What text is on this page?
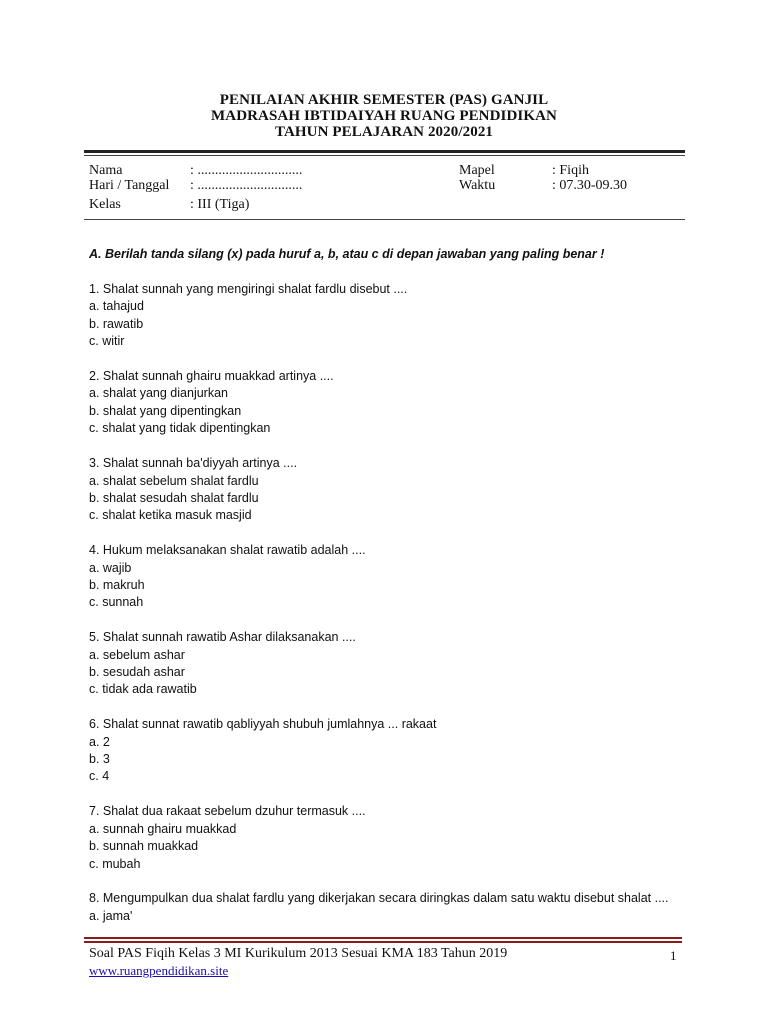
PENILAIAN AKHIR SEMESTER (PAS) GANJIL
MADRASAH IBTIDAIYAH RUANG PENDIDIKAN
TAHUN PELAJARAN 2020/2021
Nama	: ..............................
Hari / Tanggal : ..............................
Kelas	: III (Tiga)
Mapel	: Fiqih
Waktu	: 07.30-09.30
A. Berilah tanda silang (x) pada huruf a, b, atau c di depan jawaban yang paling benar !
1. Shalat sunnah yang mengiringi shalat fardlu disebut ....
a. tahajud
b. rawatib
c. witir
2. Shalat sunnah ghairu muakkad artinya ....
a. shalat yang dianjurkan
b. shalat yang dipentingkan
c. shalat yang tidak dipentingkan
3. Shalat sunnah ba'diyyah artinya ....
a. shalat sebelum shalat fardlu
b. shalat sesudah shalat fardlu
c. shalat ketika masuk masjid
4. Hukum melaksanakan shalat rawatib adalah ....
a. wajib
b. makruh
c. sunnah
5. Shalat sunnah rawatib Ashar dilaksanakan ....
a. sebelum ashar
b. sesudah ashar
c. tidak ada rawatib
6. Shalat sunnat rawatib qabliyyah shubuh jumlahnya ... rakaat
a. 2
b. 3
c. 4
7. Shalat dua rakaat sebelum dzuhur termasuk ....
a. sunnah ghairu muakkad
b. sunnah muakkad
c. mubah
8. Mengumpulkan dua shalat fardlu yang dikerjakan secara diringkas dalam satu waktu disebut shalat ....
a. jama'
Soal PAS Fiqih Kelas 3 MI Kurikulum 2013 Sesuai KMA 183 Tahun 2019
www.ruangpendidikan.site
1
